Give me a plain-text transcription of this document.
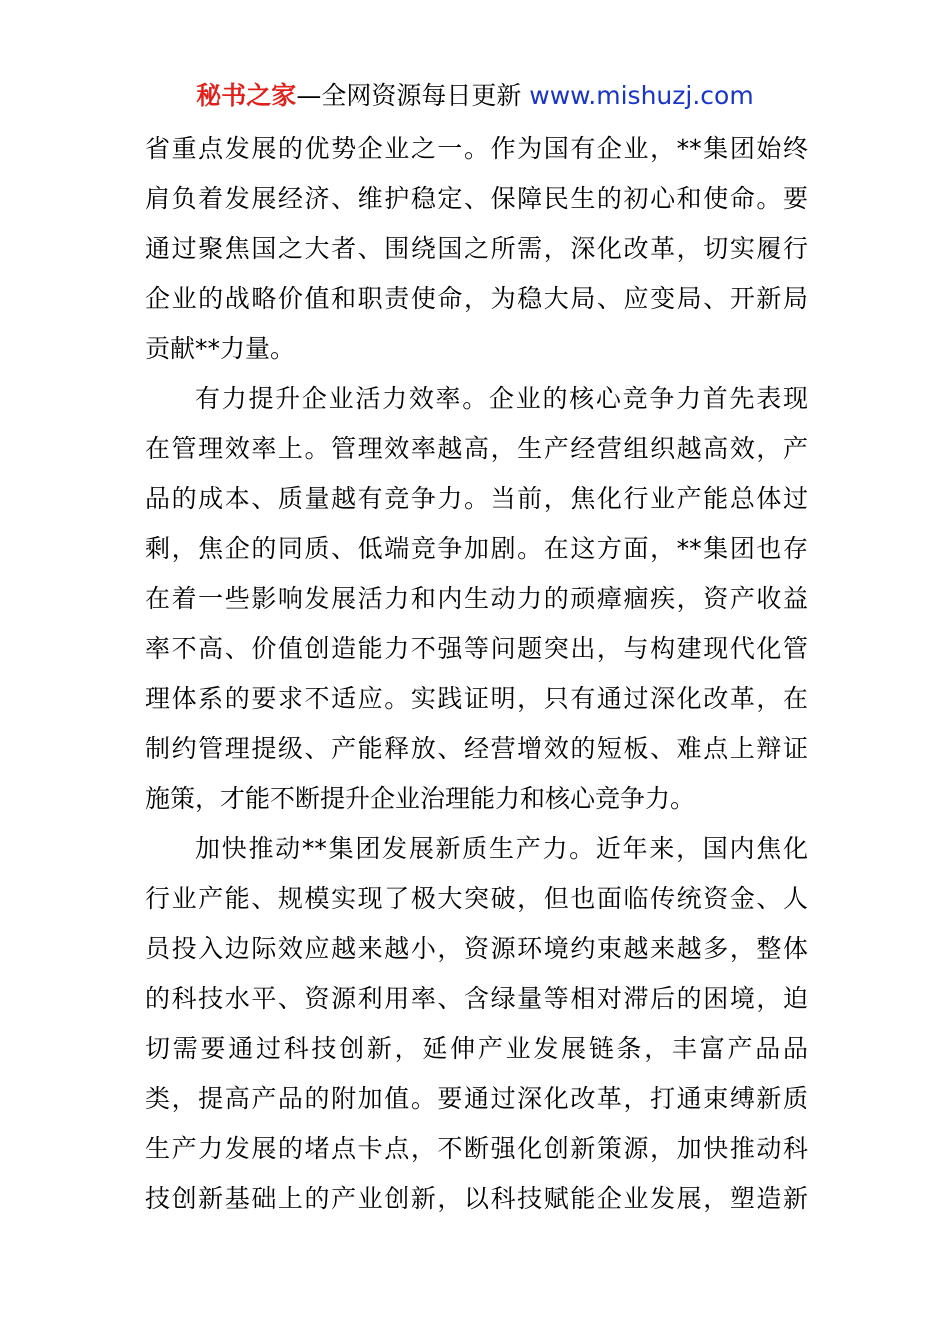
秘书之家—全网资源每日更新 www.mishuzj.com
省重点发展的优势企业之一。作为国有企业，**集团始终
肩负着发展经济、维护稳定、保障民生的初心和使命。要
通过聚焦国之大者、围绕国之所需，深化改革，切实履行
企业的战略价值和职责使命，为稳大局、应变局、开新局
贡献**力量。
有力提升企业活力效率。企业的核心竞争力首先表现
在管理效率上。管理效率越高，生产经营组织越高效，产
品的成本、质量越有竞争力。当前，焦化行业产能总体过
剩，焦企的同质、低端竞争加剧。在这方面，**集团也存
在着一些影响发展活力和内生动力的顽瘴痼疾，资产收益
率不高、价值创造能力不强等问题突出，与构建现代化管
理体系的要求不适应。实践证明，只有通过深化改革，在
制约管理提级、产能释放、经营增效的短板、难点上辩证
施策，才能不断提升企业治理能力和核心竞争力。
加快推动**集团发展新质生产力。近年来，国内焦化
行业产能、规模实现了极大突破，但也面临传统资金、人
员投入边际效应越来越小，资源环境约束越来越多，整体
的科技水平、资源利用率、含绿量等相对滞后的困境，迫
切需要通过科技创新，延伸产业发展链条，丰富产品品
类，提高产品的附加值。要通过深化改革，打通束缚新质
生产力发展的堵点卡点，不断强化创新策源，加快推动科
技创新基础上的产业创新，以科技赋能企业发展，塑造新
